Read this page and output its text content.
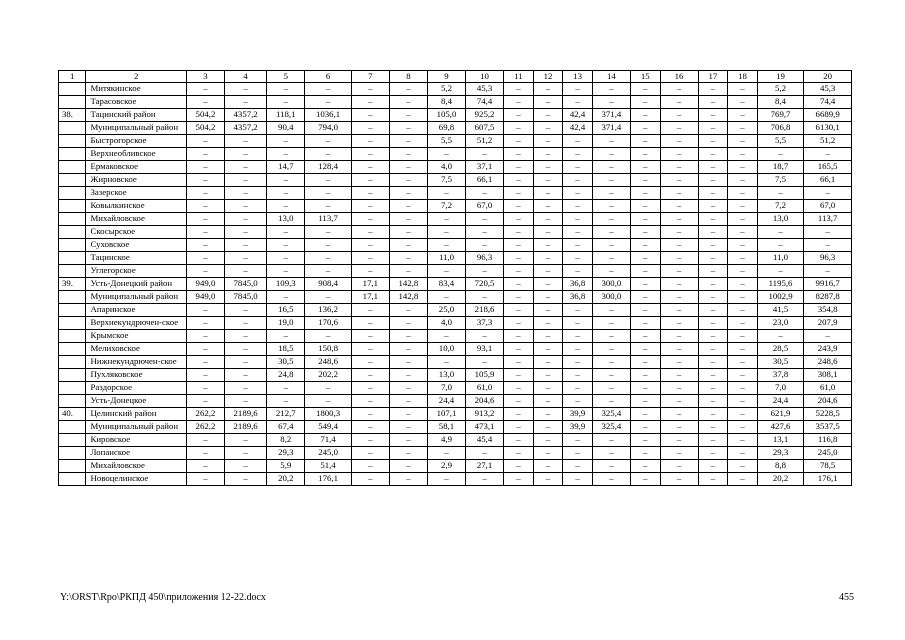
1	2	3	4	5	6	7	8	9	10	11	12	13	14	15	16	17	18	19	20
	Митякинское	–	–	–	–	–	–	5,2	45,3	–	–	–	–	–	–	–	–	5,2	45,3
	Тарасовское	–	–	–	–	–	–	8,4	74,4	–	–	–	–	–	–	–	–	8,4	74,4
38.	Тацинский район	504,2	4357,2	118,1	1036,1	–	–	105,0	925,2	–	–	42,4	371,4	–	–	–	–	769,7	6689,9
	Муниципальный район	504,2	4357,2	90,4	794,0	–	–	69,8	607,5	–	–	42,4	371,4	–	–	–	–	706,8	6130,1
	Быстрогорское	–	–	–	–	–	–	5,5	51,2	–	–	–	–	–	–	–	–	5,5	51,2
	Верхнеобливское	–	–	–	–	–	–	–	–	–	–	–	–	–	–	–	–	–	–
	Ермаковское	–	–	14,7	128,4	–	–	4,0	37,1	–	–	–	–	–	–	–	–	18,7	165,5
	Жирновское	–	–	–	–	–	–	7,5	66,1	–	–	–	–	–	–	–	–	7,5	66,1
	Зазерское	–	–	–	–	–	–	–	–	–	–	–	–	–	–	–	–	–	–
	Ковылкинское	–	–	–	–	–	–	7,2	67,0	–	–	–	–	–	–	–	–	7,2	67,0
	Михайловское	–	–	13,0	113,7	–	–	–	–	–	–	–	–	–	–	–	–	13,0	113,7
	Скосырское	–	–	–	–	–	–	–	–	–	–	–	–	–	–	–	–	–	–
	Суховское	–	–	–	–	–	–	–	–	–	–	–	–	–	–	–	–	–	–
	Тацинское	–	–	–	–	–	–	11,0	96,3	–	–	–	–	–	–	–	–	11,0	96,3
	Углегорское	–	–	–	–	–	–	–	–	–	–	–	–	–	–	–	–	–	–
39.	Усть-Донецкий район	949,0	7845,0	109,3	908,4	17,1	142,8	83,4	720,5	–	–	36,8	300,0	–	–	–	–	1195,6	9916,7
	Муниципальный район	949,0	7845,0	–	–	17,1	142,8	–	–	–	–	36,8	300,0	–	–	–	–	1002,9	8287,8
	Апаринское	–	–	16,5	136,2	–	–	25,0	218,6	–	–	–	–	–	–	–	–	41,5	354,8
	Верхнекундрючен-ское	–	–	19,0	170,6	–	–	4,0	37,3	–	–	–	–	–	–	–	–	23,0	207,9
	Крымское	–	–	–	–	–	–	–	–	–	–	–	–	–	–	–	–	–	–
	Мелиховское	–	–	18,5	150,8	–	–	10,0	93,1	–	–	–	–	–	–	–	–	28,5	243,9
	Нижнекундрючен-ское	–	–	30,5	248,6	–	–	–	–	–	–	–	–	–	–	–	–	30,5	248,6
	Пухляковское	–	–	24,8	202,2	–	–	13,0	105,9	–	–	–	–	–	–	–	–	37,8	308,1
	Раздорское	–	–	–	–	–	–	7,0	61,0	–	–	–	–	–	–	–	–	7,0	61,0
	Усть-Донецкое	–	–	–	–	–	–	24,4	204,6	–	–	–	–	–	–	–	–	24,4	204,6
40.	Целинский район	262,2	2189,6	212,7	1800,3	–	–	107,1	913,2	–	–	39,9	325,4	–	–	–	–	621,9	5228,5
	Муниципальный район	262,2	2189,6	67,4	549,4	–	–	58,1	473,1	–	–	39,9	325,4	–	–	–	–	427,6	3537,5
	Кировское	–	–	8,2	71,4	–	–	4,9	45,4	–	–	–	–	–	–	–	–	13,1	116,8
	Лопанское	–	–	29,3	245,0	–	–	–	–	–	–	–	–	–	–	–	–	29,3	245,0
	Михайловское	–	–	5,9	51,4	–	–	2,9	27,1	–	–	–	–	–	–	–	–	8,8	78,5
	Новоцелинское	–	–	20,2	176,1	–	–	–	–	–	–	–	–	–	–	–	–	20,2	176,1
Y:\ORST\Rpo\РКПД 450\приложения 12-22.docx	455
